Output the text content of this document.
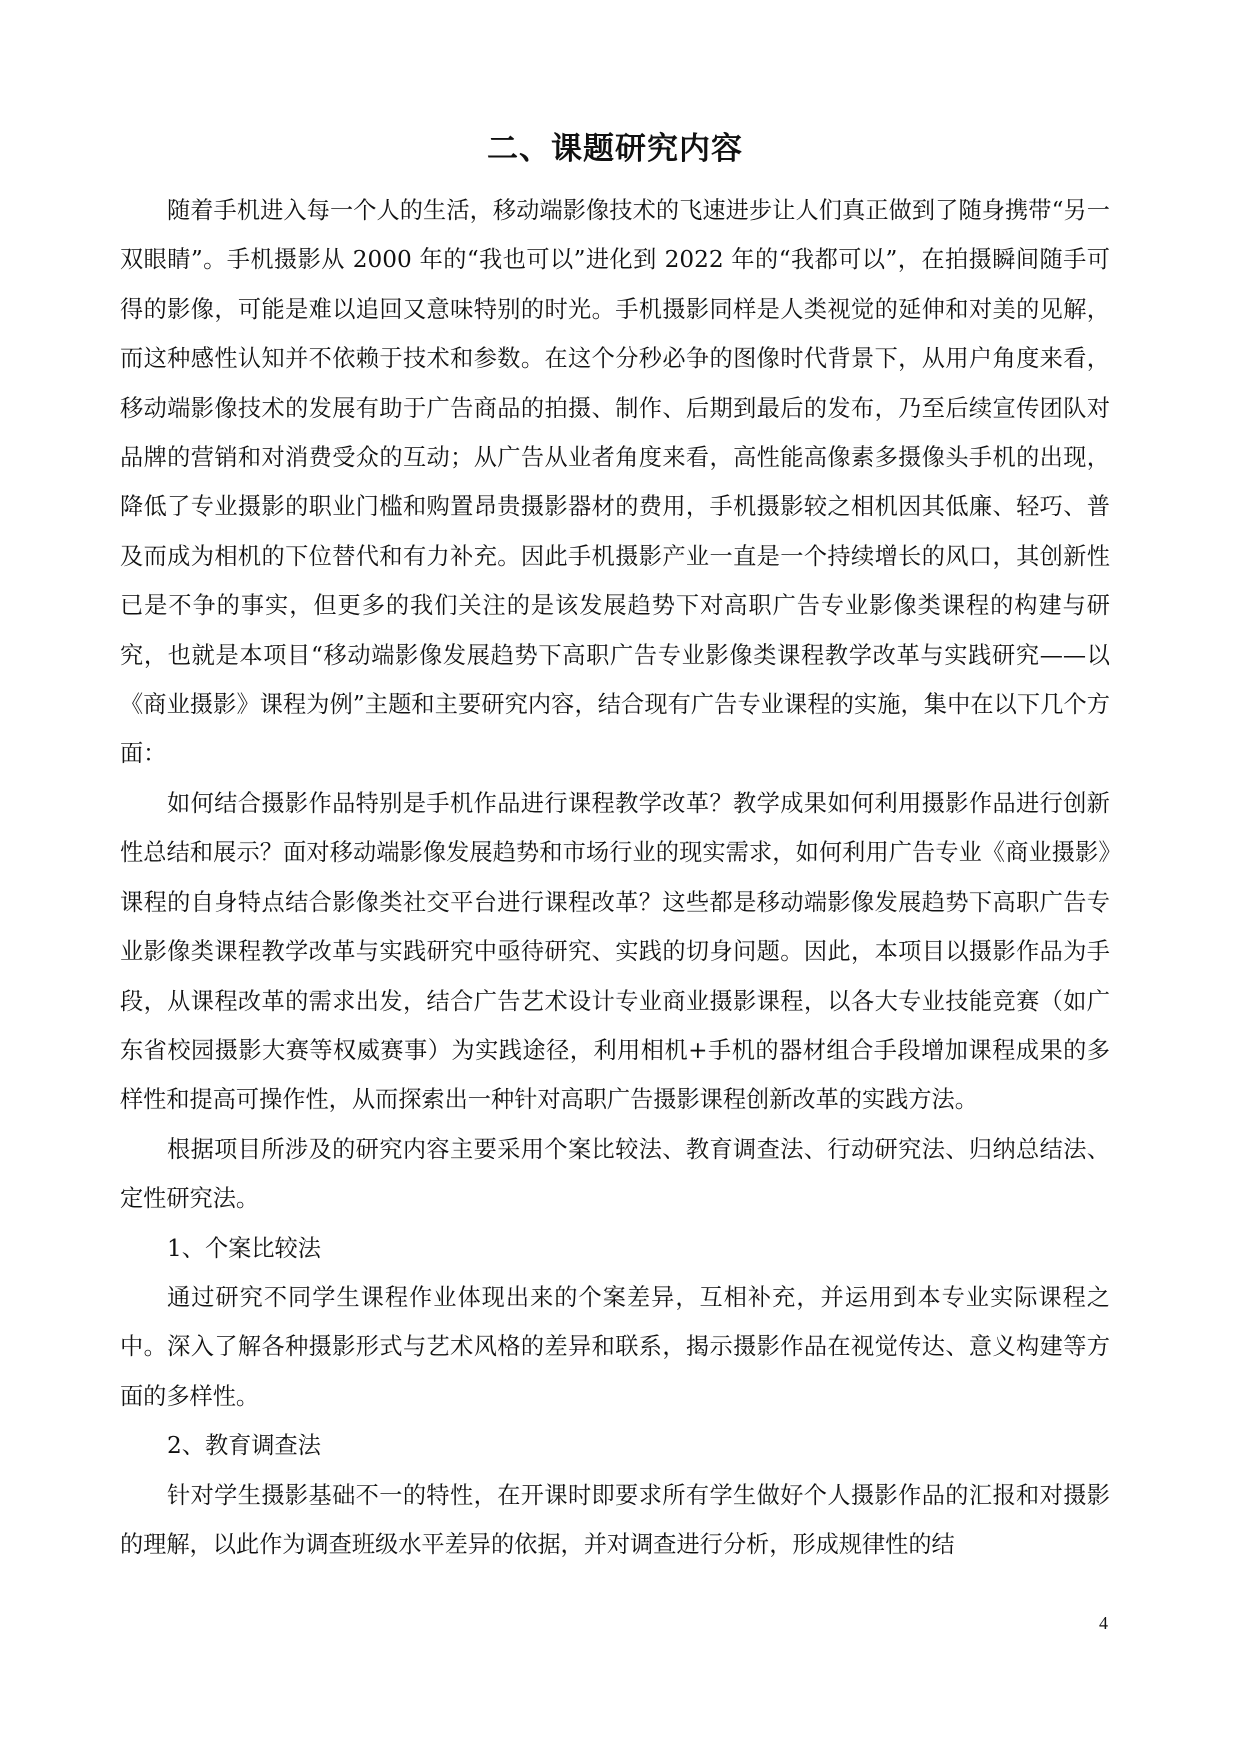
二、课题研究内容

随着手机进入每一个人的生活，移动端影像技术的飞速进步让人们真正做到了随身携带“另一双眼睛”。手机摄影从 2000 年的“我也可以”进化到 2022 年的“我都可以”，在拍摄瞬间随手可得的影像，可能是难以追回又意味特别的时光。手机摄影同样是人类视觉的延伸和对美的见解，而这种感性认知并不依赖于技术和参数。在这个分秒必争的图像时代背景下，从用户角度来看，移动端影像技术的发展有助于广告商品的拍摄、制作、后期到最后的发布，乃至后续宣传团队对品牌的营销和对消费受众的互动；从广告从业者角度来看，高性能高像素多摄像头手机的出现，降低了专业摄影的职业门槛和购置昂贵摄影器材的费用，手机摄影较之相机因其低廉、轻巧、普及而成为相机的下位替代和有力补充。因此手机摄影产业一直是一个持续增长的风口，其创新性已是不争的事实，但更多的我们关注的是该发展趋势下对高职广告专业影像类课程的构建与研究，也就是本项目“移动端影像发展趋势下高职广告专业影像类课程教学改革与实践研究——以《商业摄影》课程为例”主题和主要研究内容，结合现有广告专业课程的实施，集中在以下几个方面：

如何结合摄影作品特别是手机作品进行课程教学改革？教学成果如何利用摄影作品进行创新性总结和展示？面对移动端影像发展趋势和市场行业的现实需求，如何利用广告专业《商业摄影》课程的自身特点结合影像类社交平台进行课程改革？这些都是移动端影像发展趋势下高职广告专业影像类课程教学改革与实践研究中亟待研究、实践的切身问题。因此，本项目以摄影作品为手段，从课程改革的需求出发，结合广告艺术设计专业商业摄影课程，以各大专业技能竞赛（如广东省校园摄影大赛等权威赛事）为实践途径，利用相机+手机的器材组合手段增加课程成果的多样性和提高可操作性，从而探索出一种针对高职广告摄影课程创新改革的实践方法。

根据项目所涉及的研究内容主要采用个案比较法、教育调查法、行动研究法、归纳总结法、定性研究法。

1、个案比较法

通过研究不同学生课程作业体现出来的个案差异，互相补充，并运用到本专业实际课程之中。深入了解各种摄影形式与艺术风格的差异和联系，揭示摄影作品在视觉传达、意义构建等方面的多样性。

2、教育调查法

针对学生摄影基础不一的特性，在开课时即要求所有学生做好个人摄影作品的汇报和对摄影的理解，以此作为调查班级水平差异的依据，并对调查进行分析，形成规律性的结

4
